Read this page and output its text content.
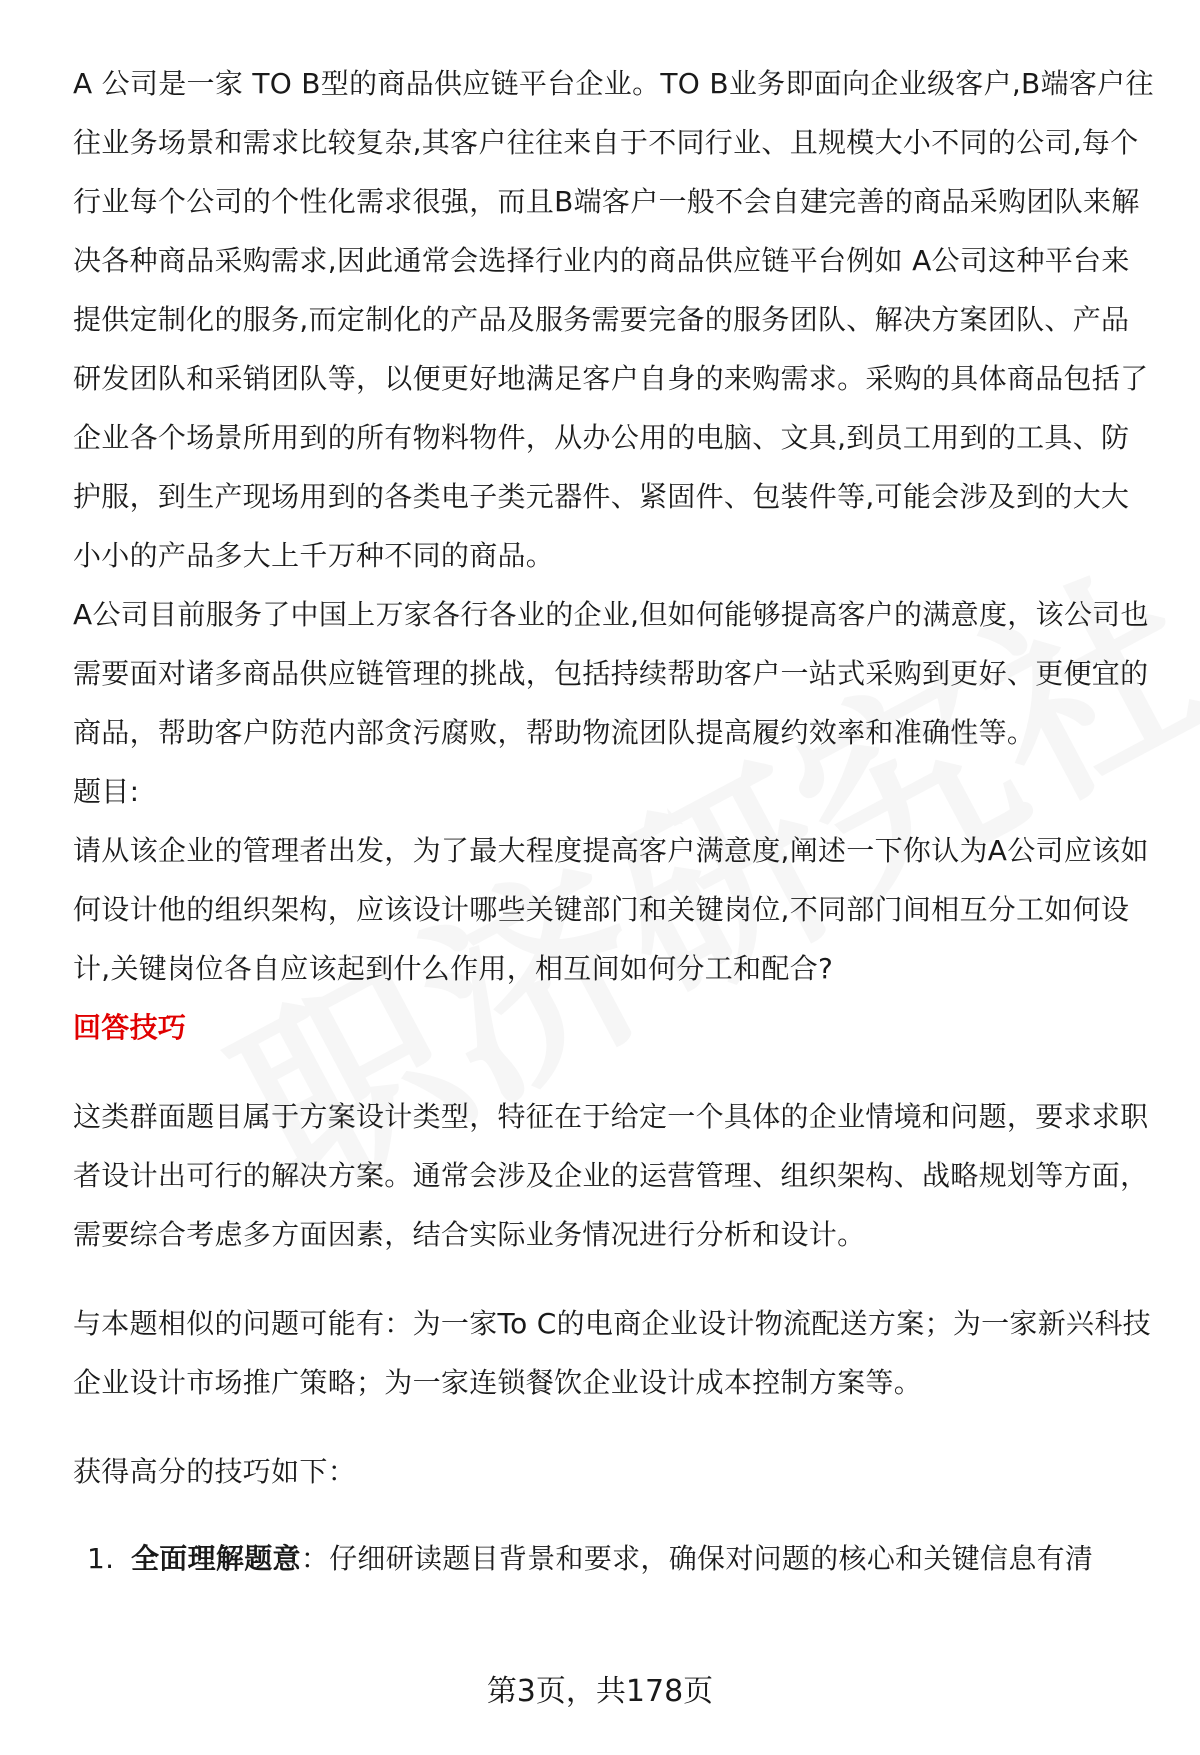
A 公司是一家 TO B型的商品供应链平台企业。TO B业务即面向企业级客户,B端客户往往业务场景和需求比较复杂,其客户往往来自于不同行业、且规模大小不同的公司,每个行业每个公司的个性化需求很强，而且B端客户一般不会自建完善的商品采购团队来解决各种商品采购需求,因此通常会选择行业内的商品供应链平台例如 A公司这种平台来提供定制化的服务,而定制化的产品及服务需要完备的服务团队、解决方案团队、产品研发团队和采销团队等，以便更好地满足客户自身的来购需求。采购的具体商品包括了企业各个场景所用到的所有物料物件，从办公用的电脑、文具,到员工用到的工具、防护服，到生产现场用到的各类电子类元器件、紧固件、包装件等,可能会涉及到的大大小小的产品多大上千万种不同的商品。

A公司目前服务了中国上万家各行各业的企业,但如何能够提高客户的满意度，该公司也需要面对诸多商品供应链管理的挑战，包括持续帮助客户一站式采购到更好、更便宜的商品，帮助客户防范内部贪污腐败，帮助物流团队提高履约效率和准确性等。

题目:

请从该企业的管理者出发，为了最大程度提高客户满意度,阐述一下你认为A公司应该如何设计他的组织架构，应该设计哪些关键部门和关键岗位,不同部门间相互分工如何设计,关键岗位各自应该起到什么作用，相互间如何分工和配合?

回答技巧

这类群面题目属于方案设计类型，特征在于给定一个具体的企业情境和问题，要求求职者设计出可行的解决方案。通常会涉及企业的运营管理、组织架构、战略规划等方面，需要综合考虑多方面因素，结合实际业务情况进行分析和设计。

与本题相似的问题可能有：为一家To C的电商企业设计物流配送方案；为一家新兴科技企业设计市场推广策略；为一家连锁餐饮企业设计成本控制方案等。

获得高分的技巧如下：

1. 全面理解题意：仔细研读题目背景和要求，确保对问题的核心和关键信息有清

第3页，共178页
